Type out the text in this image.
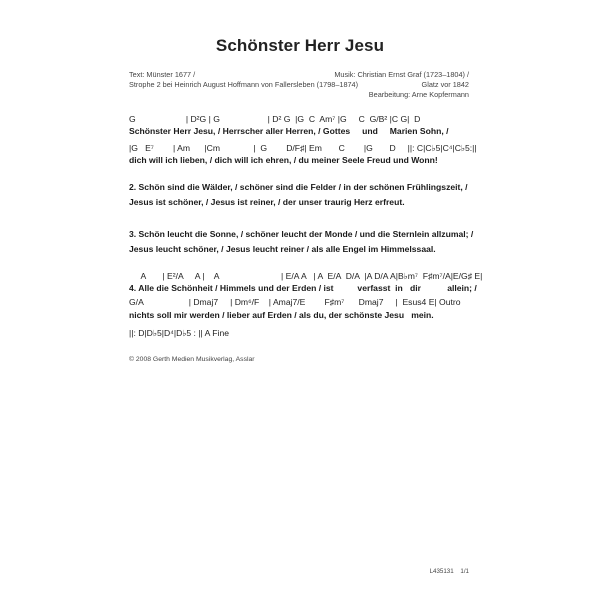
Schönster Herr Jesu
Text: Münster 1677 /
Strophe 2 bei Heinrich August Hoffmann von Fallersleben (1798–1874)
Musik: Christian Ernst Graf (1723–1804) /
Glatz vor 1842
Bearbeitung: Arne Kopfermann
G                     | D²G | G                    | D² G  |G  C  Am⁷ |G     C  G/B² |C G|  D
Schönster Herr Jesu, / Herrscher aller Herren, / Gottes     und     Marien Sohn, /
|G   E⁷        | Am      |Cm              |  G        D/F♯| Em       C        |G       D     ||: C|C♭5|C⁴|C♭5:||
dich will ich lieben, / dich will ich ehren, / du meiner Seele Freud und Wonn!
2. Schön sind die Wälder, / schöner sind die Felder / in der schönen Frühlingszeit, /
Jesus ist schöner, / Jesus ist reiner, / der unser traurig Herz erfreut.
3. Schön leucht die Sonne, / schöner leucht der Monde / und die Sternlein allzumal; /
Jesus leucht schöner, / Jesus leucht reiner / als alle Engel im Himmelssaal.
A       | E²/A     A |    A                          | E/A A   | A  E/A  D/A  |A D/A A|B♭m⁷  F♯m⁷/A|E/G♯ E|
4. Alle die Schönheit / Himmels und der Erden / ist          verfasst  in   dir           allein; /
G/A                   | Dmaj7     | Dm⁶/F    | Amaj7/E        F♯m⁷      Dmaj7     |  Esus4 E| Outro
nichts soll mir werden / lieber auf Erden / als du, der schönste Jesu   mein.
||: D|D♭5|D⁴|D♭5 : || A Fine
© 2008 Gerth Medien Musikverlag, Asslar
L435131 1/1
